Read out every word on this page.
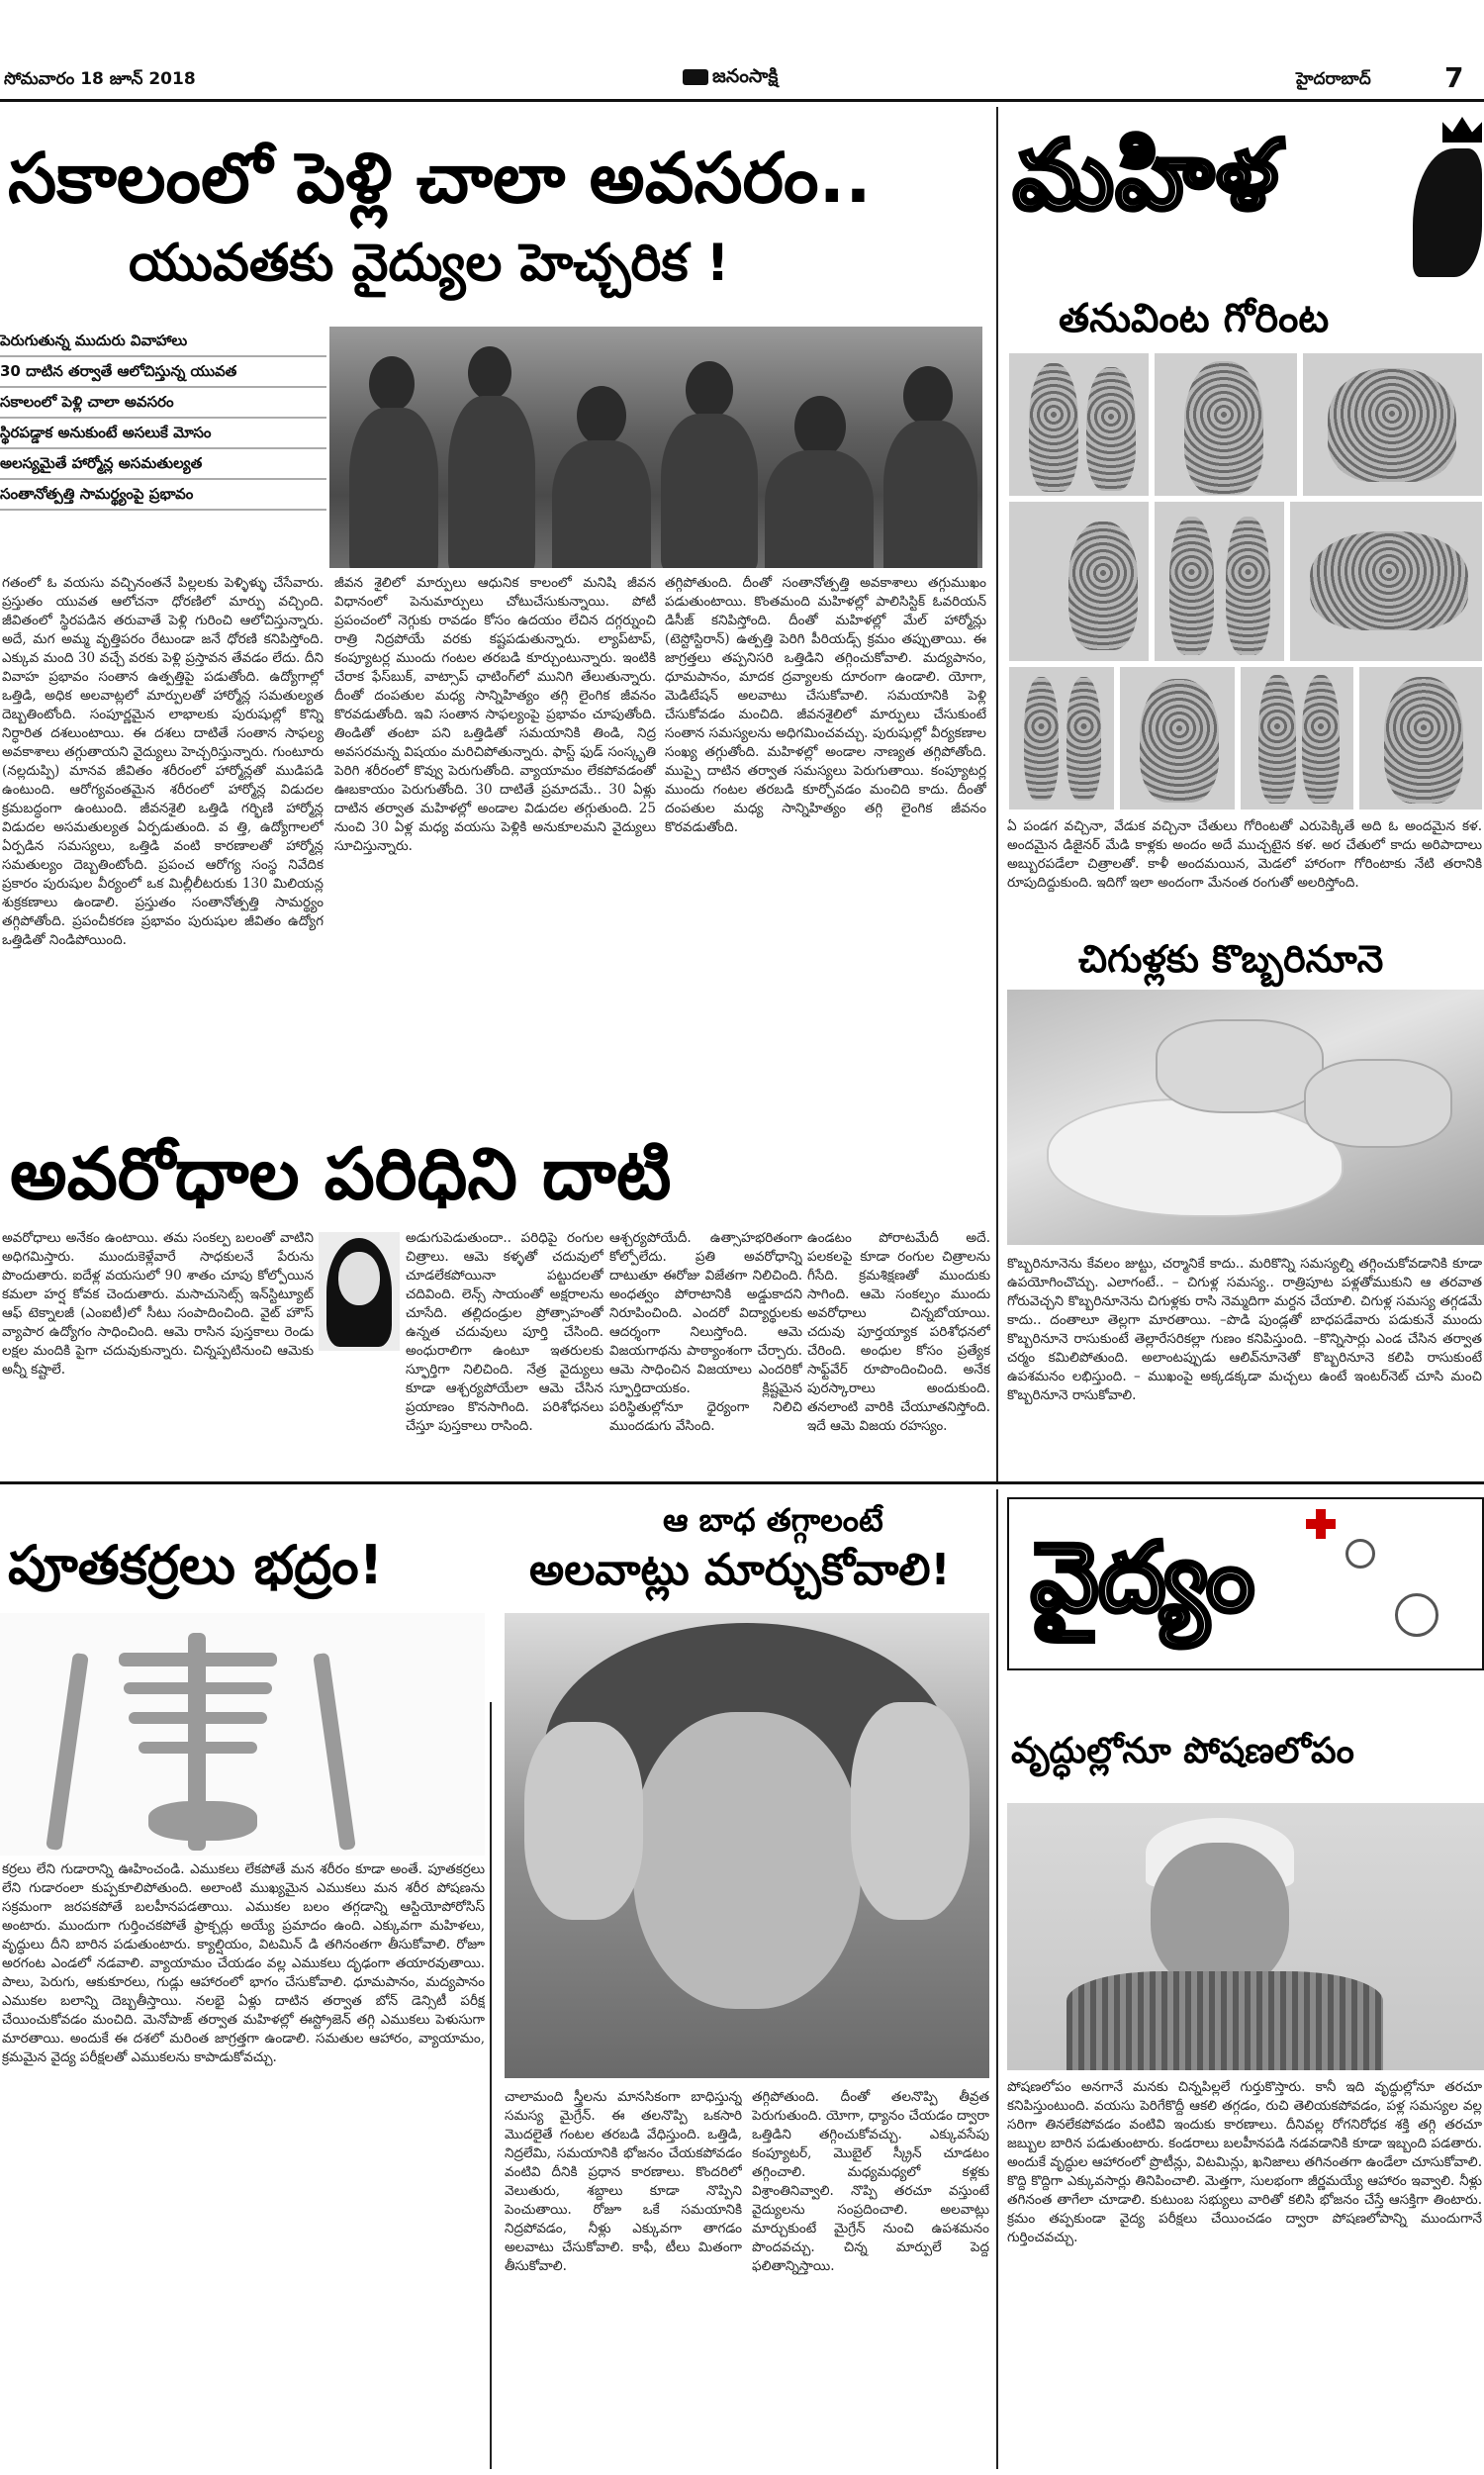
సోమవారం 18 జూన్ 2018	జనంసాక్షి	హైదరాబాద్	7
సకాలంలో పెళ్లి చాలా అవసరం..
యువతకు వైద్యుల హెచ్చరిక !
పెరుగుతున్న ముదురు వివాహాలు
30 దాటిన తర్వాతే ఆలోచిస్తున్న యువత
సకాలంలో పెళ్లి చాలా అవసరం
స్థిరపడ్డాక అనుకుంటే అసలుకే మోసం
అలస్యమైతే హార్మోన్ల అసమతుల్యత
సంతానోత్పత్తి సామర్థ్యంపై ప్రభావం
గతంలో ఓ వయసు వచ్చినంతనే పిల్లలకు పెళ్ళిళ్ళు చేసేవారు. ప్రస్తుతం యువత ఆలోచనా ధోరణిలో మార్పు వచ్చింది. జీవితంలో స్థిరపడిన తరువాతే పెళ్లి గురించి ఆలోచిస్తున్నారు. అదే, మగ అమ్మ వృత్తిపరం రేటుండా జనే ధోరణి కనిపిస్తోంది. ఎక్కువ మంది 30 వచ్చే వరకు పెళ్లి ప్రస్తావన తేవడం లేదు. దీని వివాహ ప్రభావం సంతాన ఉత్పత్తిపై పడుతోంది. ఉద్యోగాల్లో ఒత్తిడి, అధిక అలవాట్లలో మార్పులతో హార్మోన్ల సమతుల్యత దెబ్బతింటోంది. సంపూర్ణమైన లాభాలకు పురుషుల్లో కొన్ని నిర్ధారిత దశలుంటాయి. ఈ దశలు దాటితే సంతాన సాఫల్య అవకాశాలు తగ్గుతాయని వైద్యులు హెచ్చరిస్తున్నారు. గుంటూరు (నల్లదుప్పి) మానవ జీవితం శరీరంలో హార్మోన్లతో ముడిపడి ఉంటుంది. ఆరోగ్యవంతమైన శరీరంలో హార్మోన్ల విడుదల క్రమబద్ధంగా ఉంటుంది. జీవనశైలి ఒత్తిడి గర్భిణి హార్మోన్ల విడుదల అసమతుల్యత ఏర్పడుతుంది. వ త్తి, ఉద్యోగాలలో ఏర్పడిన సమస్యలు, ఒత్తిడి వంటి కారణాలతో హార్మోన్ల సమతుల్యం దెబ్బతింటోంది. ప్రపంచ ఆరోగ్య సంస్థ నివేదిక ప్రకారం పురుషుల వీర్యంలో ఒక మిల్లీలీటరుకు 130 మిలియన్ల శుక్రకణాలు ఉండాలి. ప్రస్తుతం సంతానోత్పత్తి సామర్థ్యం తగ్గిపోతోంది. ప్రపంచీకరణ ప్రభావం పురుషుల జీవితం ఉద్యోగ ఒత్తిడితో నిండిపోయింది.
జీవన శైలిలో మార్పులు ఆధునిక కాలంలో మనిషి జీవన విధానంలో పెనుమార్పులు చోటుచేసుకున్నాయి. పోటీ ప్రపంచంలో నెగ్గుకు రావడం కోసం ఉదయం లేచిన దగ్గర్నుంచి రాత్రి నిద్రపోయే వరకు కష్టపడుతున్నారు. ల్యాప్‌టాప్, కంప్యూటర్ల ముందు గంటల తరబడి కూర్చుంటున్నారు. ఇంటికి చేరాక ఫేస్‌బుక్, వాట్సాప్ ఛాటింగ్‌లో మునిగి తేలుతున్నారు. దీంతో దంపతుల మధ్య సాన్నిహిత్యం తగ్గి లైంగిక జీవనం కొరవడుతోంది. ఇవి సంతాన సాఫల్యంపై ప్రభావం చూపుతోంది. తిండితో తంటా పని ఒత్తిడితో సమయానికి తిండి, నిద్ర అవసరమన్న విషయం మరిచిపోతున్నారు. ఫాస్ట్ ఫుడ్ సంస్కృతి పెరిగి శరీరంలో కొవ్వు పెరుగుతోంది. వ్యాయామం లేకపోవడంతో ఊబకాయం పెరుగుతోంది. 30 దాటితే ప్రమాదమే.. 30 ఏళ్లు దాటిన తర్వాత మహిళల్లో అండాల విడుదల తగ్గుతుంది. 25 నుంచి 30 ఏళ్ల మధ్య వయసు పెళ్లికి అనుకూలమని వైద్యులు సూచిస్తున్నారు.
తగ్గిపోతుంది. దీంతో సంతానోత్పత్తి అవకాశాలు తగ్గుముఖం పడుతుంటాయి. కొంతమంది మహిళల్లో పాలిసిస్టిక్ ఓవరియన్ డిసీజ్ కనిపిస్తోంది. దీంతో మహిళల్లో మేల్ హార్మోన్లు (టెస్టోస్టిరాన్) ఉత్పత్తి పెరిగి పీరియడ్స్ క్రమం తప్పుతాయి. ఈ జాగ్రత్తలు తప్పనిసరి ఒత్తిడిని తగ్గించుకోవాలి. మద్యపానం, ధూమపానం, మాదక ద్రవ్యాలకు దూరంగా ఉండాలి. యోగా, మెడిటేషన్ అలవాటు చేసుకోవాలి. సమయానికి పెళ్లి చేసుకోవడం మంచిది. జీవనశైలిలో మార్పులు చేసుకుంటే సంతాన సమస్యలను అధిగమించవచ్చు. పురుషుల్లో వీర్యకణాల సంఖ్య తగ్గుతోంది. మహిళల్లో అండాల నాణ్యత తగ్గిపోతోంది. ముప్పై దాటిన తర్వాత సమస్యలు పెరుగుతాయి. కంప్యూటర్ల ముందు గంటల తరబడి కూర్చోవడం మంచిది కాదు. దీంతో దంపతుల మధ్య సాన్నిహిత్యం తగ్గి లైంగిక జీవనం కొరవడుతోంది.
మహిళ
తనువింట గోరింట
ఏ పండగ వచ్చినా, వేడుక వచ్చినా చేతులు గోరింటతో ఎరుపెక్కితే అది ఓ అందమైన కళ. అందమైన డిజైనర్ మేడి కాళ్లకు అందం అదే ముచ్చటైన కళ. అర చేతులో కాదు అరిపాదాలు అబ్బురపడేలా చిత్రాలతో. కాళీ అందమయిన, మెడలో హారంగా గోరింటాకు నేటి తరానికి రూపుదిద్దుకుంది. ఇదిగో ఇలా అందంగా మేనంత రంగుతో అలరిస్తోంది.
చిగుళ్లకు కొబ్బరినూనె
కొబ్బరినూనెను కేవలం జుట్టు, చర్మానికే కాదు.. మరికొన్ని సమస్యల్ని తగ్గించుకోవడానికి కూడా ఉపయోగించొచ్చు. ఎలాగంటే.. – చిగుళ్ల సమస్య.. రాత్రిపూట పళ్లతోముకుని ఆ తరవాత గోరువెచ్చని కొబ్బరినూనెను చిగుళ్లకు రాసి నెమ్మదిగా మర్దన చేయాలి. చిగుళ్ల సమస్య తగ్గడమే కాదు.. దంతాలూ తెల్లగా మారతాయి. –పొడి పుండ్లతో బాధపడేవారు పడుకునే ముందు కొబ్బరినూనె రాసుకుంటే తెల్లారేసరికల్లా గుణం కనిపిస్తుంది. –కొన్నిసార్లు ఎండ చేసిన తర్వాత చర్మం కమిలిపోతుంది. అలాంటప్పుడు ఆలివ్‌నూనెతో కొబ్బరినూనె కలిపి రాసుకుంటే ఉపశమనం లభిస్తుంది. – ముఖంపై అక్కడక్కడా మచ్చలు ఉంటే ఇంటర్‌నెట్ చూసి మంచి కొబ్బరినూనె రాసుకోవాలి.
అవరోధాల పరిధిని దాటి
అవరోధాలు అనేకం ఉంటాయి. తమ సంకల్ప బలంతో వాటిని అధిగమిస్తారు. ముందుకెళ్లేవారే సాధకులనే పేరును పొందుతారు. ఐదేళ్ల వయసులో 90 శాతం చూపు కోల్పోయిన కమలా హర్ష కోవక చెందుతారు. మసాచుసెట్స్ ఇన్‌స్టిట్యూట్ ఆఫ్ టెక్నాలజీ (ఎంఐటీ)లో సీటు సంపాదించింది. వైట్ హౌస్ వ్యాపార ఉద్యోగం సాధించింది. ఆమె రాసిన పుస్తకాలు రెండు లక్షల మందికి పైగా చదువుకున్నారు. చిన్నప్పటినుంచి ఆమెకు అన్నీ కష్టాలే.
అడుగుపెడుతుందా.. పరిధిపై రంగుల చిత్రాలు. ఆమె కళ్ళతో చదువులో చూడలేకపోయినా పట్టుదలతో చదివింది. లెన్స్ సాయంతో అక్షరాలను చూసేది. తల్లిదండ్రుల ప్రోత్సాహంతో ఉన్నత చదువులు పూర్తి చేసింది. అంధురాలిగా ఉంటూ ఇతరులకు స్ఫూర్తిగా నిలిచింది. నేత్ర వైద్యులు కూడా ఆశ్చర్యపోయేలా ఆమె చేసిన ప్రయాణం కొనసాగింది. పరిశోధనలు చేస్తూ పుస్తకాలు రాసింది.
ఆశ్చర్యపోయేదీ. ఉత్సాహభరితంగా కోల్పోలేదు. ప్రతి అవరోధాన్ని దాటుతూ ఈరోజు విజేతగా నిలిచింది. అంధత్వం పోరాటానికి అడ్డుకాదని నిరూపించింది. ఎందరో విద్యార్థులకు ఆదర్శంగా నిలుస్తోంది. ఆమె విజయగాథను పాఠ్యాంశంగా చేర్చారు. ఆమె సాధించిన విజయాలు ఎందరికో స్ఫూర్తిదాయకం. క్లిష్టమైన పరిస్థితుల్లోనూ ధైర్యంగా నిలిచి ముందడుగు వేసింది.
ఉండటం పోరాటమేదీ అదే. పలకలపై కూడా రంగుల చిత్రాలను గీసేది. క్రమశిక్షణతో ముందుకు సాగింది. ఆమె సంకల్పం ముందు అవరోధాలు చిన్నబోయాయి. చదువు పూర్తయ్యాక పరిశోధనలో చేరింది. అంధుల కోసం ప్రత్యేక సాఫ్ట్‌వేర్ రూపొందించింది. అనేక పురస్కారాలు అందుకుంది. తనలాంటి వారికి చేయూతనిస్తోంది. ఇదే ఆమె విజయ రహస్యం.
పూతకర్రలు భద్రం!
కర్రలు లేని గుడారాన్ని ఊహించండి. ఎముకలు లేకపోతే మన శరీరం కూడా అంతే. పూతకర్రలు లేని గుడారంలా కుప్పకూలిపోతుంది. అలాంటి ముఖ్యమైన ఎముకలు మన శరీర పోషణను సక్రమంగా జరపకపోతే బలహీనపడతాయి. ఎముకల బలం తగ్గడాన్ని ఆస్టియోపోరోసిస్ అంటారు. ముందుగా గుర్తించకపోతే ఫ్రాక్చర్లు అయ్యే ప్రమాదం ఉంది. ఎక్కువగా మహిళలు, వృద్ధులు దీని బారిన పడుతుంటారు. క్యాల్షియం, విటమిన్ డి తగినంతగా తీసుకోవాలి. రోజూ అరగంట ఎండలో నడవాలి. వ్యాయామం చేయడం వల్ల ఎముకలు దృఢంగా తయారవుతాయి. పాలు, పెరుగు, ఆకుకూరలు, గుడ్లు ఆహారంలో భాగం చేసుకోవాలి. ధూమపానం, మద్యపానం ఎముకల బలాన్ని దెబ్బతీస్తాయి. నలభై ఏళ్లు దాటిన తర్వాత బోన్ డెన్సిటీ పరీక్ష చేయించుకోవడం మంచిది. మెనోపాజ్ తర్వాత మహిళల్లో ఈస్ట్రోజెన్ తగ్గి ఎముకలు పెళుసుగా మారతాయి. అందుకే ఈ దశలో మరింత జాగ్రత్తగా ఉండాలి. సమతుల ఆహారం, వ్యాయామం, క్రమమైన వైద్య పరీక్షలతో ఎముకలను కాపాడుకోవచ్చు.
ఆ బాధ తగ్గాలంటే
అలవాట్లు మార్చుకోవాలి!
చాలామంది స్త్రీలను మానసికంగా బాధిస్తున్న సమస్య మైగ్రేన్. ఈ తలనొప్పి ఒకసారి మొదలైతే గంటల తరబడి వేధిస్తుంది. ఒత్తిడి, నిద్రలేమి, సమయానికి భోజనం చేయకపోవడం వంటివి దీనికి ప్రధాన కారణాలు. కొందరిలో వెలుతురు, శబ్దాలు కూడా నొప్పిని పెంచుతాయి. రోజూ ఒకే సమయానికి నిద్రపోవడం, నీళ్లు ఎక్కువగా తాగడం అలవాటు చేసుకోవాలి. కాఫీ, టీలు మితంగా తీసుకోవాలి.
తగ్గిపోతుంది. దీంతో తలనొప్పి తీవ్రత పెరుగుతుంది. యోగా, ధ్యానం చేయడం ద్వారా ఒత్తిడిని తగ్గించుకోవచ్చు. ఎక్కువసేపు కంప్యూటర్, మొబైల్ స్క్రీన్ చూడటం తగ్గించాలి. మధ్యమధ్యలో కళ్లకు విశ్రాంతినివ్వాలి. నొప్పి తరచూ వస్తుంటే వైద్యులను సంప్రదించాలి. అలవాట్లు మార్చుకుంటే మైగ్రేన్ నుంచి ఉపశమనం పొందవచ్చు. చిన్న మార్పులే పెద్ద ఫలితాన్నిస్తాయి.
వైద్యం
వృద్ధుల్లోనూ పోషణలోపం
పోషణలోపం అనగానే మనకు చిన్నపిల్లలే గుర్తుకొస్తారు. కానీ ఇది వృద్ధుల్లోనూ తరచూ కనిపిస్తుంటుంది. వయసు పెరిగేకొద్దీ ఆకలి తగ్గడం, రుచి తెలియకపోవడం, పళ్ల సమస్యల వల్ల సరిగా తినలేకపోవడం వంటివి ఇందుకు కారణాలు. దీనివల్ల రోగనిరోధక శక్తి తగ్గి తరచూ జబ్బుల బారిన పడుతుంటారు. కండరాలు బలహీనపడి నడవడానికి కూడా ఇబ్బంది పడతారు. అందుకే వృద్ధుల ఆహారంలో ప్రొటీన్లు, విటమిన్లు, ఖనిజాలు తగినంతగా ఉండేలా చూసుకోవాలి. కొద్ది కొద్దిగా ఎక్కువసార్లు తినిపించాలి. మెత్తగా, సులభంగా జీర్ణమయ్యే ఆహారం ఇవ్వాలి. నీళ్లు తగినంత తాగేలా చూడాలి. కుటుంబ సభ్యులు వారితో కలిసి భోజనం చేస్తే ఆసక్తిగా తింటారు. క్రమం తప్పకుండా వైద్య పరీక్షలు చేయించడం ద్వారా పోషణలోపాన్ని ముందుగానే గుర్తించవచ్చు.
